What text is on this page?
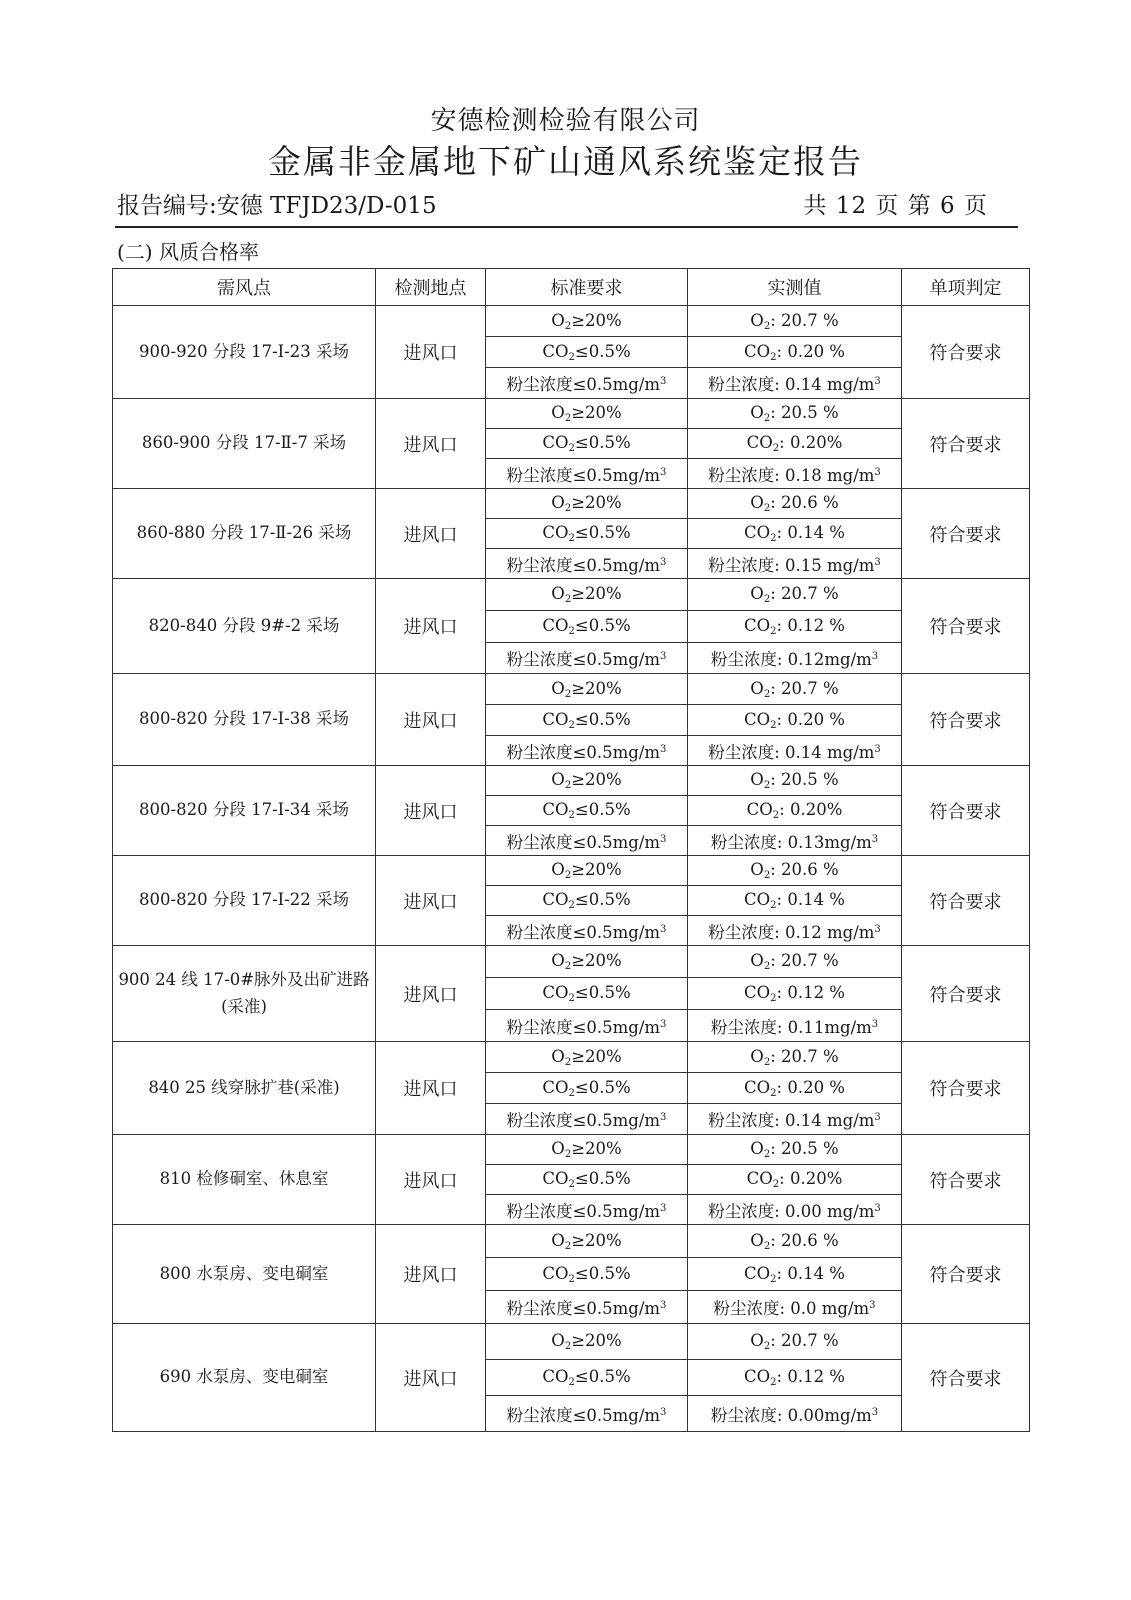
安德检测检验有限公司
金属非金属地下矿山通风系统鉴定报告
报告编号:安德 TFJD23/D-015	共 12 页 第 6 页
(二) 风质合格率
需风点	检测地点	标准要求	实测值	单项判定
900-920 分段 17-Ⅰ-23 采场	进风口	$O_2\ge 20\%$	$O_2$: 20.7 %	符合要求
		$CO_2\le 0.5\%$	$CO_2$: 0.20 %	
		粉尘浓度$\le 0.5mg/m^3$	粉尘浓度: 0.14 $mg/m^3$
860-900 分段 17-Ⅱ-7 采场	进风口	$O_2\ge 20\%$	$O_2$: 20.5 %	符合要求
		$CO_2\le 0.5\%$	$CO_2$: 0.20%	
		粉尘浓度$\le 0.5mg/m^3$	粉尘浓度: 0.18 $mg/m^3$
860-880 分段 17-Ⅱ-26 采场	进风口	$O_2\ge 20\%$	$O_2$: 20.6 %	符合要求
		$CO_2\le 0.5\%$	$CO_2$: 0.14 %	
		粉尘浓度$\le 0.5mg/m^3$	粉尘浓度: 0.15 $mg/m^3$
820-840 分段 9#-2 采场	进风口	$O_2\ge 20\%$	$O_2$: 20.7 %	符合要求
		$CO_2\le 0.5\%$	$CO_2$: 0.12 %	
		粉尘浓度$\le 0.5mg/m^3$	粉尘浓度: $0.12mg/m^3$
800-820 分段 17-Ⅰ-38 采场	进风口	$O_2\ge 20\%$	$O_2$: 20.7 %	符合要求
		$CO_2\le 0.5\%$	$CO_2$: 0.20 %	
		粉尘浓度$\le 0.5mg/m^3$	粉尘浓度: 0.14 $mg/m^3$
800-820 分段 17-Ⅰ-34 采场	进风口	$O_2\ge 20\%$	$O_2$: 20.5 %	符合要求
		$CO_2\le 0.5\%$	$CO_2$: 0.20%	
		粉尘浓度$\le 0.5mg/m^3$	粉尘浓度: $0.13mg/m^3$
800-820 分段 17-Ⅰ-22 采场	进风口	$O_2\ge 20\%$	$O_2$: 20.6 %	符合要求
		$CO_2\le 0.5\%$	$CO_2$: 0.14 %	
		粉尘浓度$\le 0.5mg/m^3$	粉尘浓度: 0.12 $mg/m^3$
900 24 线 17-0#脉外及出矿进路(采准)	进风口	$O_2\ge 20\%$	$O_2$: 20.7 %	符合要求
		$CO_2\le 0.5\%$	$CO_2$: 0.12 %	
		粉尘浓度$\le 0.5mg/m^3$	粉尘浓度: $0.11mg/m^3$
840 25 线穿脉扩巷(采准)	进风口	$O_2\ge 20\%$	$O_2$: 20.7 %	符合要求
		$CO_2\le 0.5\%$	$CO_2$: 0.20 %	
		粉尘浓度$\le 0.5mg/m^3$	粉尘浓度: 0.14 $mg/m^3$
810 检修硐室、休息室	进风口	$O_2\ge 20\%$	$O_2$: 20.5 %	符合要求
		$CO_2\le 0.5\%$	$CO_2$: 0.20%	
		粉尘浓度$\le 0.5mg/m^3$	粉尘浓度: 0.00 $mg/m^3$
800 水泵房、变电硐室	进风口	$O_2\ge 20\%$	$O_2$: 20.6 %	符合要求
		$CO_2\le 0.5\%$	$CO_2$: 0.14 %	
		粉尘浓度$\le 0.5mg/m^3$	粉尘浓度: 0.0 $mg/m^3$
690 水泵房、变电硐室	进风口	$O_2\ge 20\%$	$O_2$: 20.7 %	符合要求
		$CO_2\le 0.5\%$	$CO_2$: 0.12 %	
		粉尘浓度$\le 0.5mg/m^3$	粉尘浓度: $0.00mg/m^3$
